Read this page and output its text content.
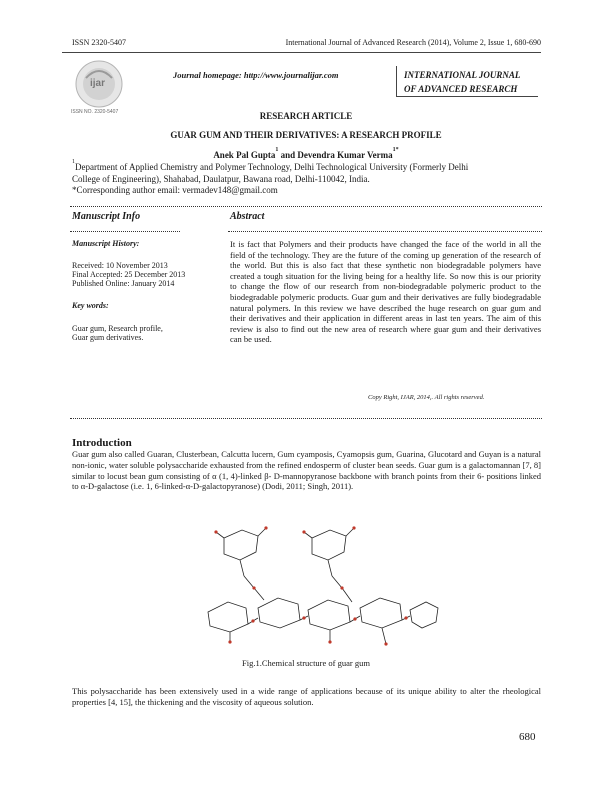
ISSN 2320-5407	International Journal of Advanced Research (2014), Volume 2, Issue 1, 680-690
ijar
ISSN NO. 2320-5407
Journal homepage: http://www.journalijar.com	INTERNATIONAL JOURNAL
OF ADVANCED RESEARCH
RESEARCH ARTICLE
GUAR GUM AND THEIR DERIVATIVES: A RESEARCH PROFILE
Anek Pal Gupta$^1$ and Devendra Kumar Verma$^{1*}$
$^1$Department of Applied Chemistry and Polymer Technology, Delhi Technological University (Formerly Delhi
College of Engineering), Shahabad, Daulatpur, Bawana road, Delhi-110042, India.
*Corresponding author email: vermadev148@gmail.com
Manuscript Info
Manuscript History:
Received: 10 November 2013
Final Accepted: 25 December 2013
Published Online: January 2014
Key words:
Guar gum, Research profile,
Guar gum derivatives.
Abstract

It is fact that Polymers and their products have changed the face of the world in all the field of the technology. They are the future of the coming up generation of the research of the world. But this is also fact that these synthetic non biodegradable polymers have created a tough situation for the living being for a healthy life. So now this is our priority to change the flow of our research from non-biodegradable polymeric product to the biodegradable polymeric products. Guar gum and their derivatives are fully biodegradable natural polymers. In this review we have described the huge research on guar gum and their derivatives and their application in different areas in last ten years. The aim of this review is also to find out the new area of research where guar gum and their derivatives can be used.

Copy Right, IJAR, 2014,. All rights reserved.
Introduction

Guar gum also called Guaran, Clusterbean, Calcutta lucern, Gum cyamposis, Cyamopsis gum, Guarina, Glucotard and Guyan is a natural non-ionic, water soluble polysaccharide exhausted from the refined endosperm of cluster bean seeds. Guar gum is a galactomannan [7, 8] similar to locust bean gum consisting of α (1, 4)-linked β- D-mannopyranose backbone with branch points from their 6- positions linked to α-D-galactose (i.e. 1, 6-linked-α-D-galactopyranose) (Dodi, 2011; Singh, 2011).

Fig.1.Chemical structure of guar gum

This polysaccharide has been extensively used in a wide range of applications because of its unique ability to alter the rheological properties [4, 15], the thickening and the viscosity of aqueous solution.

680
